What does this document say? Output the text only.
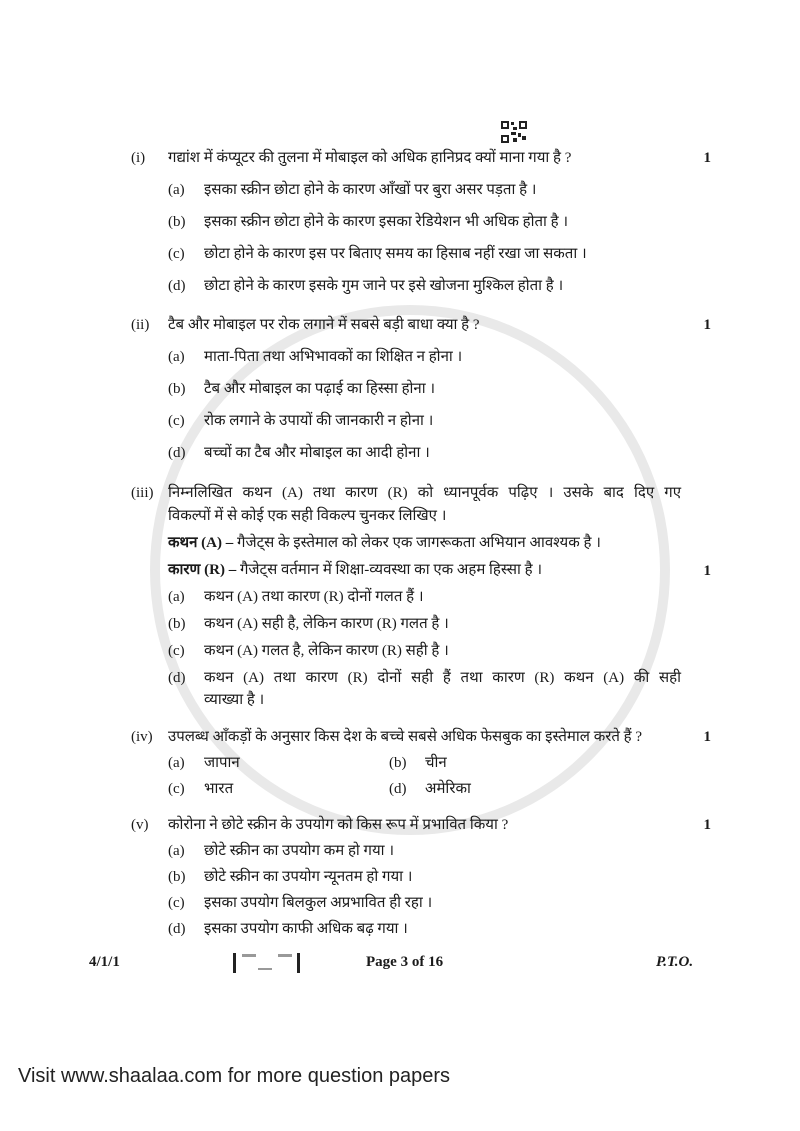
(i)	गद्यांश में कंप्यूटर की तुलना में मोबाइल को अधिक हानिप्रद क्यों माना गया है ?
(a)	इसका स्क्रीन छोटा होने के कारण आँखों पर बुरा असर पड़ता है ।
(b)	इसका स्क्रीन छोटा होने के कारण इसका रेडियेशन भी अधिक होता है ।
(c)	छोटा होने के कारण इस पर बिताए समय का हिसाब नहीं रखा जा सकता ।
(d)	छोटा होने के कारण इसके गुम जाने पर इसे खोजना मुश्किल होता है ।
1
(ii)	टैब और मोबाइल पर रोक लगाने में सबसे बड़ी बाधा क्या है ?
(a)	माता-पिता तथा अभिभावकों का शिक्षित न होना ।
(b)	टैब और मोबाइल का पढ़ाई का हिस्सा होना ।
(c)	रोक लगाने के उपायों की जानकारी न होना ।
(d)	बच्चों का टैब और मोबाइल का आदी होना ।
1
(iii) निम्नलिखित कथन (A) तथा कारण (R) को ध्यानपूर्वक पढ़िए । उसके बाद दिए गए
विकल्पों में से कोई एक सही विकल्प चुनकर लिखिए ।
कथन (A) – गैजेट्स के इस्तेमाल को लेकर एक जागरूकता अभियान आवश्यक है ।
कारण (R) – गैजेट्स वर्तमान में शिक्षा-व्यवस्था का एक अहम हिस्सा है ।
(a)	कथन (A) तथा कारण (R) दोनों गलत हैं ।
(b)	कथन (A) सही है, लेकिन कारण (R) गलत है ।
(c)	कथन (A) गलत है, लेकिन कारण (R) सही है ।
(d)	कथन (A) तथा कारण (R) दोनों सही हैं तथा कारण (R) कथन (A) की सही
व्याख्या है ।
1
(iv)	उपलब्ध आँकड़ों के अनुसार किस देश के बच्चे सबसे अधिक फेसबुक का इस्तेमाल करते हैं ?
(a)	जापान	(b)	चीन
(c)	भारत	(d)	अमेरिका
1
(v)	कोरोना ने छोटे स्क्रीन के उपयोग को किस रूप में प्रभावित किया ?
(a)	छोटे स्क्रीन का उपयोग कम हो गया ।
(b)	छोटे स्क्रीन का उपयोग न्यूनतम हो गया ।
(c)	इसका उपयोग बिलकुल अप्रभावित ही रहा ।
(d)	इसका उपयोग काफी अधिक बढ़ गया ।
1
4/1/1	Page 3 of 16	P.T.O.
Visit www.shaalaa.com for more question papers
